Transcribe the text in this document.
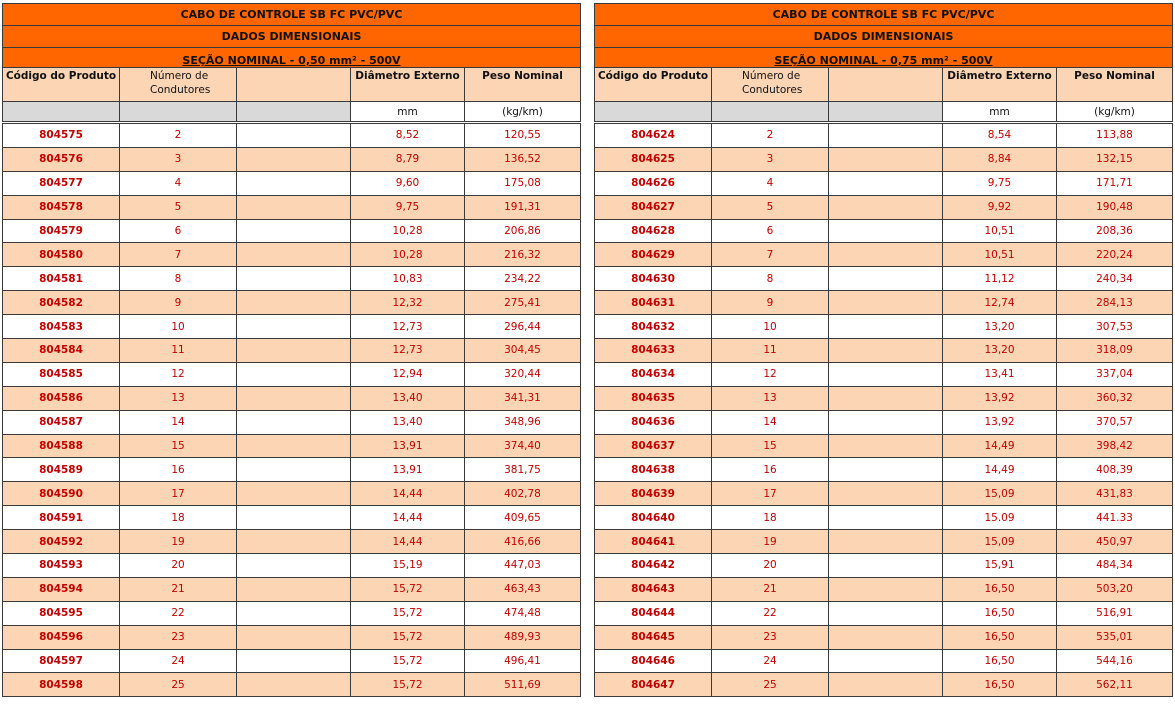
CABO DE CONTROLE SB FC PVC/PVC				
DADOS DIMENSIONAIS				
SEÇÃO NOMINAL - 0,50 mm² - 500V				
Código do Produto	Número de Condutores		Diâmetro Externo	Peso Nominal
			mm	(kg/km)

804575	2		8,52	120,55
804576	3		8,79	136,52
804577	4		9,60	175,08
804578	5		9,75	191,31
804579	6		10,28	206,86
804580	7		10,28	216,32
804581	8		10,83	234,22
804582	9		12,32	275,41
804583	10		12,73	296,44
804584	11		12,73	304,45
804585	12		12,94	320,44
804586	13		13,40	341,31
804587	14		13,40	348,96
804588	15		13,91	374,40
804589	16		13,91	381,75
804590	17		14,44	402,78
804591	18		14,44	409,65
804592	19		14,44	416,66
804593	20		15,19	447,03
804594	21		15,72	463,43
804595	22		15,72	474,48
804596	23		15,72	489,93
804597	24		15,72	496,41
804598	25		15,72	511,69
CABO DE CONTROLE SB FC PVC/PVC				
DADOS DIMENSIONAIS				
SEÇÃO NOMINAL - 0,75 mm² - 500V				
Código do Produto	Número de Condutores		Diâmetro Externo	Peso Nominal
			mm	(kg/km)

804624	2		8,54	113,88
804625	3		8,84	132,15
804626	4		9,75	171,71
804627	5		9,92	190,48
804628	6		10,51	208,36
804629	7		10,51	220,24
804630	8		11,12	240,34
804631	9		12,74	284,13
804632	10		13,20	307,53
804633	11		13,20	318,09
804634	12		13,41	337,04
804635	13		13,92	360,32
804636	14		13,92	370,57
804637	15		14,49	398,42
804638	16		14,49	408,39
804639	17		15,09	431,83
804640	18		15.09	441.33
804641	19		15,09	450,97
804642	20		15,91	484,34
804643	21		16,50	503,20
804644	22		16,50	516,91
804645	23		16,50	535,01
804646	24		16,50	544,16
804647	25		16,50	562,11
